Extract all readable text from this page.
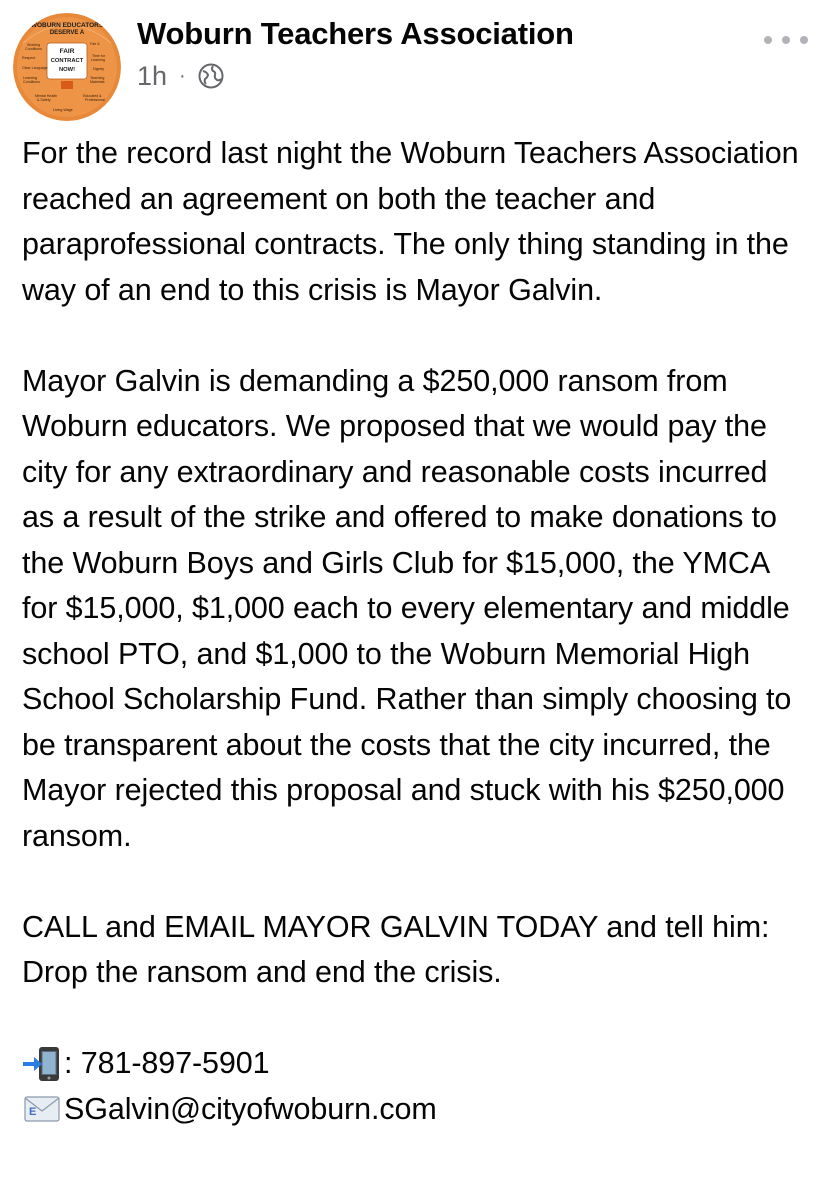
WOBURN EDUCATORS
DESERVE A
FAIR
CONTRACT
NOW!
Working
Conditions
Respect
Clear Language
Learning
Conditions
Mental Health
& Safety
Living Wage
Fair &
Time for
Learning
Dignity
Teaching
Materials
Educated &
Professional
Woburn Teachers Association
1h ·

For the record last night the Woburn Teachers Association reached an agreement on both the teacher and paraprofessional contracts. The only thing standing in the way of an end to this crisis is Mayor Galvin.

Mayor Galvin is demanding a $250,000 ransom from Woburn educators. We proposed that we would pay the city for any extraordinary and reasonable costs incurred as a result of the strike and offered to make donations to the Woburn Boys and Girls Club for $15,000, the YMCA for $15,000, $1,000 each to every elementary and middle school PTO, and $1,000 to the Woburn Memorial High School Scholarship Fund. Rather than simply choosing to be transparent about the costs that the city incurred, the Mayor rejected this proposal and stuck with his $250,000 ransom.

CALL and EMAIL MAYOR GALVIN TODAY and tell him: Drop the ransom and end the crisis.

: 781-897-5901
E SGalvin@cityofwoburn.com
